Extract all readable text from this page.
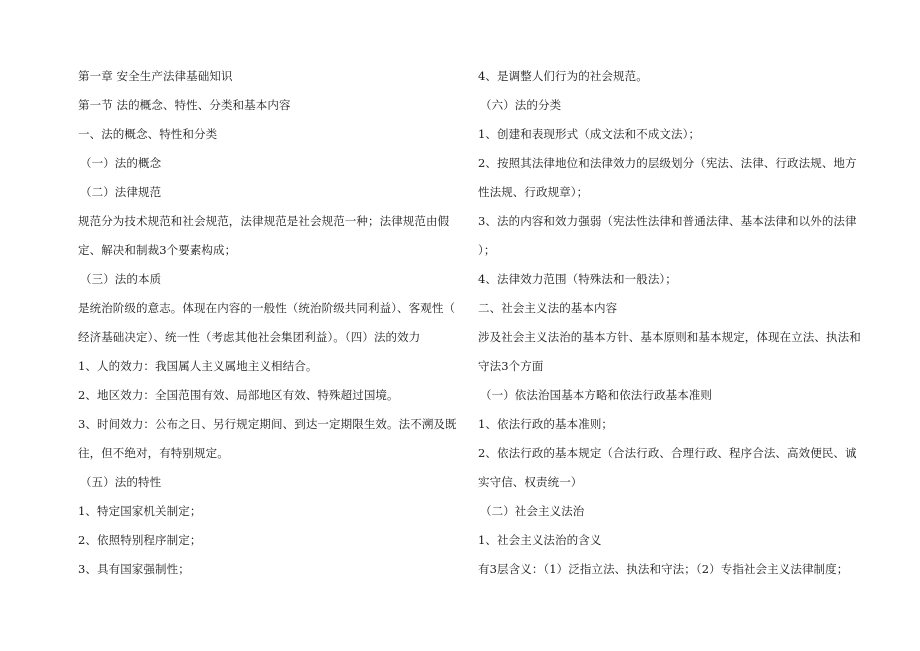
第一章 安全生产法律基础知识
第一节 法的概念、特性、分类和基本内容
一、法的概念、特性和分类
（一）法的概念
（二）法律规范
规范分为技术规范和社会规范，法律规范是社会规范一种；法律规范由假
定、解决和制裁3个要素构成；
（三）法的本质
是统治阶级的意志。体现在内容的一般性（统治阶级共同利益）、客观性（
经济基础决定）、统一性（考虑其他社会集团利益）。（四）法的效力
1、人的效力：我国属人主义属地主义相结合。
2、地区效力：全国范围有效、局部地区有效、特殊超过国境。
3、时间效力：公布之日、另行规定期间、到达一定期限生效。法不溯及既
往，但不绝对，有特别规定。
（五）法的特性
1、特定国家机关制定；
2、依照特别程序制定；
3、具有国家强制性；
4、是调整人们行为的社会规范。
（六）法的分类
1、创建和表现形式（成文法和不成文法）；
2、按照其法律地位和法律效力的层级划分（宪法、法律、行政法规、地方
性法规、行政规章）；
3、法的内容和效力强弱（宪法性法律和普通法律、基本法律和以外的法律
）；
4、法律效力范围（特殊法和一般法）；
二、社会主义法的基本内容
涉及社会主义法治的基本方针、基本原则和基本规定，体现在立法、执法和
守法3个方面
（一）依法治国基本方略和依法行政基本准则
1、依法行政的基本准则；
2、依法行政的基本规定（合法行政、合理行政、程序合法、高效便民、诚
实守信、权责统一）
（二）社会主义法治
1、社会主义法治的含义
有3层含义：（1）泛指立法、执法和守法；（2）专指社会主义法律制度；
